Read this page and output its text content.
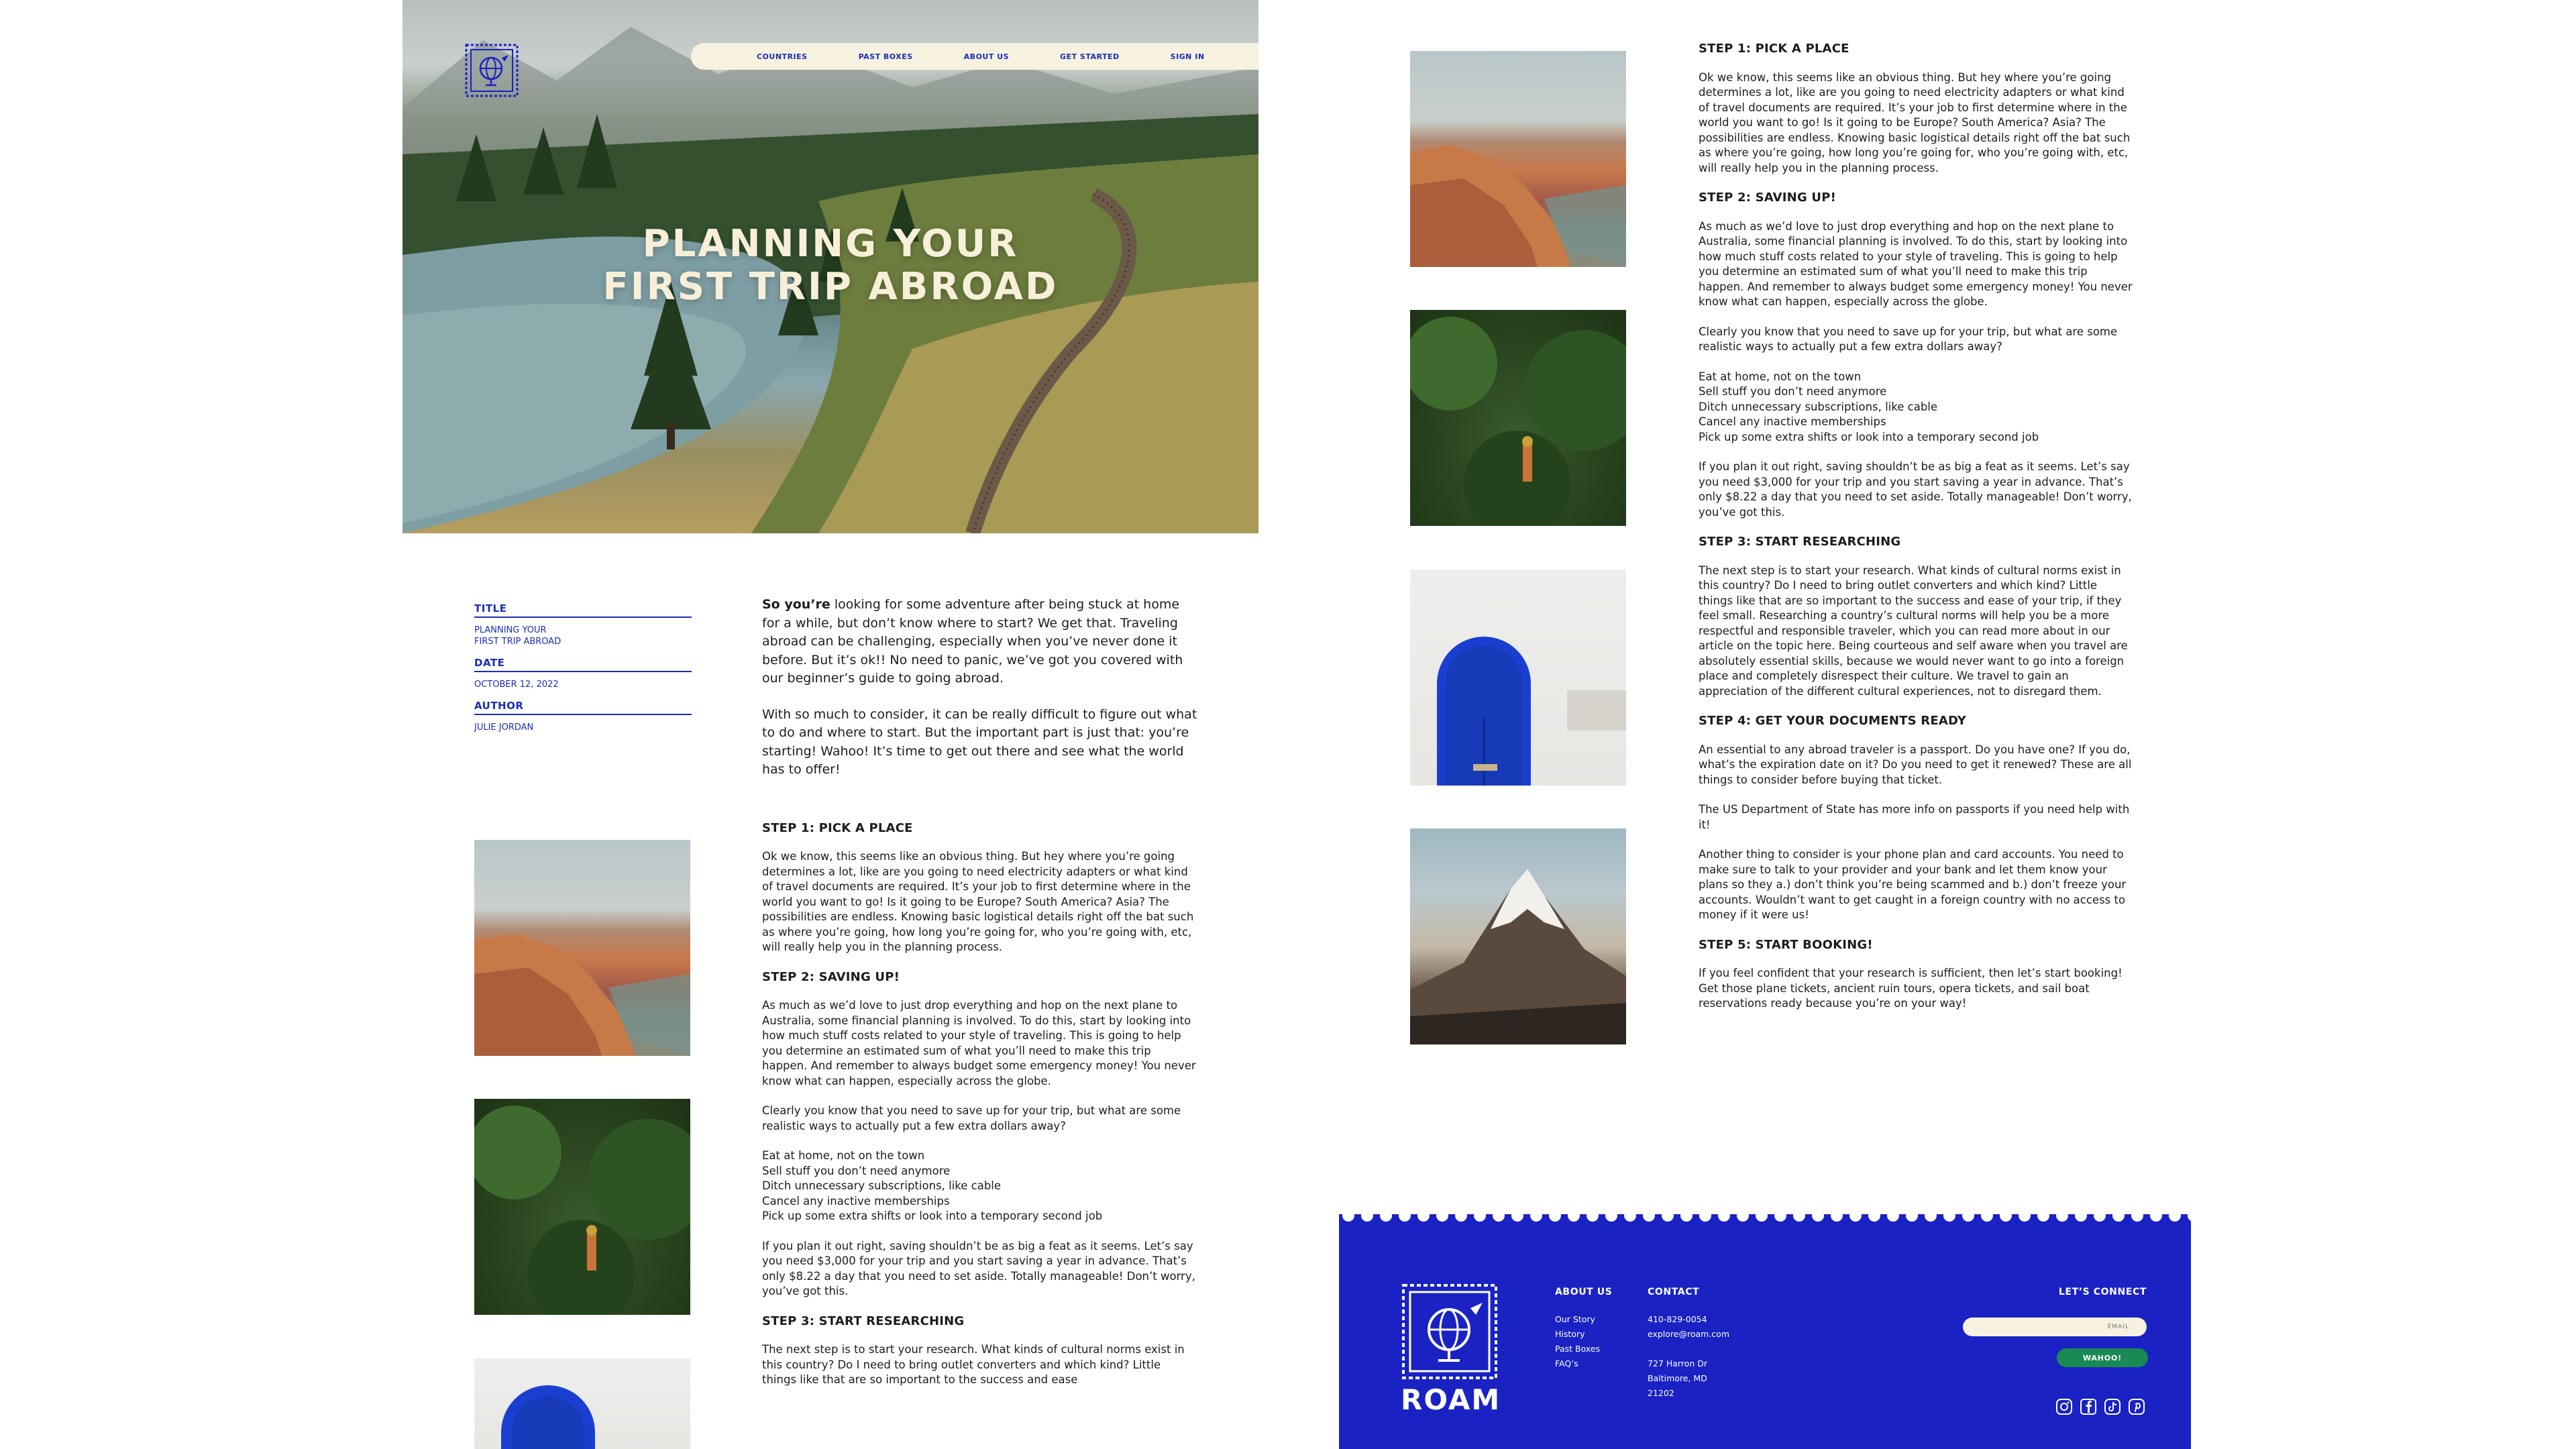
COUNTRIES	PAST BOXES	ABOUT US	GET STARTED	SIGN IN
PLANNING YOUR
FIRST TRIP ABROAD
TITLE
PLANNING YOUR
FIRST TRIP ABROAD
DATE
OCTOBER 12, 2022
AUTHOR
JULIE JORDAN

So you’re looking for some adventure after being stuck at home for a while, but don’t know where to start? We get that. Traveling abroad can be challenging, especially when you’ve never done it before. But it’s ok!! No need to panic, we’ve got you covered with our beginner’s guide to going abroad.

With so much to consider, it can be really difficult to figure out what to do and where to start. But the important part is just that: you’re starting! Wahoo! It’s time to get out there and see what the world has to offer!

STEP 1: PICK A PLACE

Ok we know, this seems like an obvious thing. But hey where you’re going determines a lot, like are you going to need electricity adapters or what kind of travel documents are required. It’s your job to first determine where in the world you want to go! Is it going to be Europe? South America? Asia? The possibilities are endless. Knowing basic logistical details right off the bat such as where you’re going, how long you’re going for, who you’re going with, etc, will really help you in the planning process.

STEP 2: SAVING UP!

As much as we’d love to just drop everything and hop on the next plane to Australia, some financial planning is involved. To do this, start by looking into how much stuff costs related to your style of traveling. This is going to help you determine an estimated sum of what you’ll need to make this trip happen. And remember to always budget some emergency money! You never know what can happen, especially across the globe.

Clearly you know that you need to save up for your trip, but what are some realistic ways to actually put a few extra dollars away?

Eat at home, not on the town
Sell stuff you don’t need anymore
Ditch unnecessary subscriptions, like cable
Cancel any inactive memberships
Pick up some extra shifts or look into a temporary second job

If you plan it out right, saving shouldn’t be as big a feat as it seems. Let’s say you need $3,000 for your trip and you start saving a year in advance. That’s only $8.22 a day that you need to set aside. Totally manageable! Don’t worry, you’ve got this.

STEP 3: START RESEARCHING

The next step is to start your research. What kinds of cultural norms exist in this country? Do I need to bring outlet converters and which kind? Little things like that are so important to the success and ease

STEP 1: PICK A PLACE

Ok we know, this seems like an obvious thing. But hey where you’re going determines a lot, like are you going to need electricity adapters or what kind of travel documents are required. It’s your job to first determine where in the world you want to go! Is it going to be Europe? South America? Asia? The possibilities are endless. Knowing basic logistical details right off the bat such as where you’re going, how long you’re going for, who you’re going with, etc, will really help you in the planning process.

STEP 2: SAVING UP!

As much as we’d love to just drop everything and hop on the next plane to Australia, some financial planning is involved. To do this, start by looking into how much stuff costs related to your style of traveling. This is going to help you determine an estimated sum of what you’ll need to make this trip happen. And remember to always budget some emergency money! You never know what can happen, especially across the globe.

Clearly you know that you need to save up for your trip, but what are some realistic ways to actually put a few extra dollars away?

Eat at home, not on the town
Sell stuff you don’t need anymore
Ditch unnecessary subscriptions, like cable
Cancel any inactive memberships
Pick up some extra shifts or look into a temporary second job

If you plan it out right, saving shouldn’t be as big a feat as it seems. Let’s say you need $3,000 for your trip and you start saving a year in advance. That’s only $8.22 a day that you need to set aside. Totally manageable! Don’t worry, you’ve got this.

STEP 3: START RESEARCHING

The next step is to start your research. What kinds of cultural norms exist in this country? Do I need to bring outlet converters and which kind? Little things like that are so important to the success and ease of your trip, if they feel small. Researching a country’s cultural norms will help you be a more respectful and responsible traveler, which you can read more about in our article on the topic here. Being courteous and self aware when you travel are absolutely essential skills, because we would never want to go into a foreign place and completely disrespect their culture. We travel to gain an appreciation of the different cultural experiences, not to disregard them.

STEP 4: GET YOUR DOCUMENTS READY

An essential to any abroad traveler is a passport. Do you have one? If you do, what’s the expiration date on it? Do you need to get it renewed? These are all things to consider before buying that ticket.

The US Department of State has more info on passports if you need help with it!

Another thing to consider is your phone plan and card accounts. You need to make sure to talk to your provider and your bank and let them know your plans so they a.) don’t think you’re being scammed and b.) don’t freeze your accounts. Wouldn’t want to get caught in a foreign country with no access to money if it were us!

STEP 5: START BOOKING!

If you feel confident that your research is sufficient, then let’s start booking! Get those plane tickets, ancient ruin tours, opera tickets, and sail boat reservations ready because you’re on your way!

ROAM
ABOUT US
Our Story
History
Past Boxes
FAQ’s
CONTACT
410-829-0054
explore@roam.com
727 Harron Dr
Baltimore, MD
21202
LET’S CONNECT
EMAIL
WAHOO!
